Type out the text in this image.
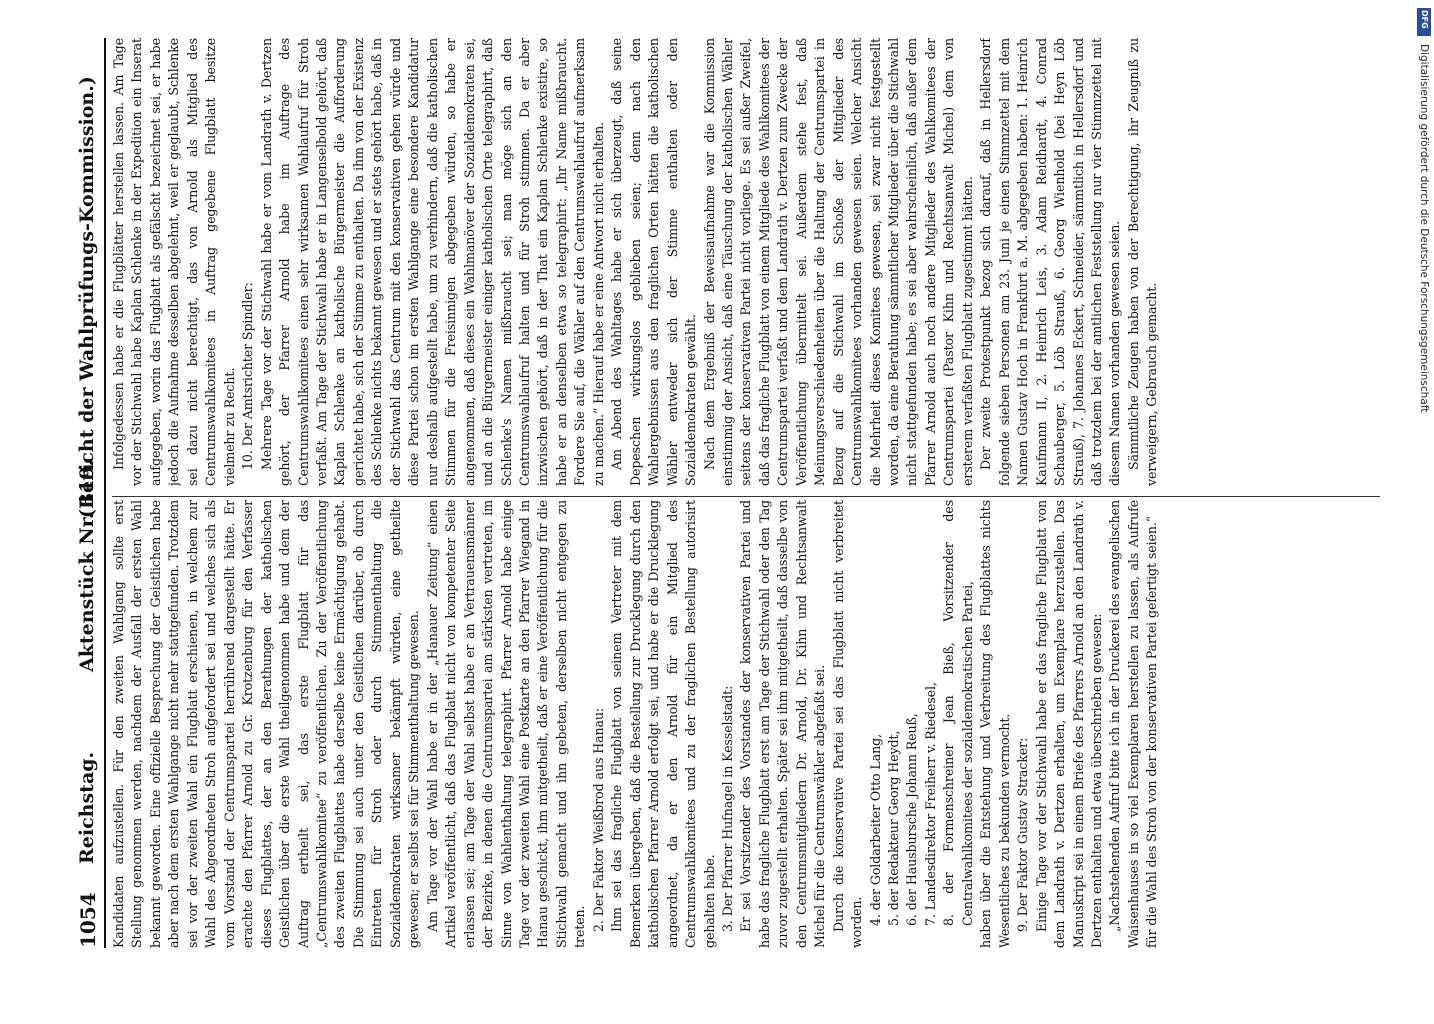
1054
Reichstag.
Aktenstück Nr. 119.
(Bericht der Wahlprüfungs-Kommission.)

Kandidaten aufzustellen. Für den zweiten Wahlgang sollte erst Stellung genommen werden, nachdem der Ausfall der ersten Wahl bekannt geworden. Eine offizielle Besprechung der Geistlichen habe aber nach dem ersten Wahlgange nicht mehr stattgefunden. Trotzdem sei vor der zweiten Wahl ein Flugblatt erschienen, in welchem zur Wahl des Abgeordneten Stroh aufgefordert sei und welches sich als vom Vorstand der Centrumspartei herrührend dargestellt hätte. Er erachte den Pfarrer Arnold zu Gr. Krotzenburg für den Verfasser dieses Flugblattes, der an den Berathungen der katholischen Geistlichen über die erste Wahl theilgenommen habe und dem der Auftrag ertheilt sei, das erste Flugblatt für das „Centrumswahlkomitee“ zu veröffentlichen. Zu der Veröffentlichung des zweiten Flugblattes habe derselbe keine Ermächtigung gehabt. Die Stimmung sei auch unter den Geistlichen darüber, ob durch Eintreten für Stroh oder durch Stimmenthaltung die Sozialdemokraten wirksamer bekämpft würden, eine getheilte gewesen; er selbst sei für Stimmenthaltung gewesen. Am Tage vor der Wahl habe er in der „Hanauer Zeitung“ einen Artikel veröffentlicht, daß das Flugblatt nicht von kompetenter Seite erlassen sei; am Tage der Wahl selbst habe er an Vertrauensmänner der Bezirke, in denen die Centrumspartei am stärksten vertreten, im Sinne von Wahlenthaltung telegraphirt. Pfarrer Arnold habe einige Tage vor der zweiten Wahl eine Postkarte an den Pfarrer Wiegand in Hanau geschickt, ihm mitgetheilt, daß er eine Veröffentlichung für die Stichwahl gemacht und ihn gebeten, derselben nicht entgegen zu treten. 2. Der Faktor Weißbrod aus Hanau: Ihm sei das fragliche Flugblatt von seinem Vertreter mit dem Bemerken übergeben, daß die Bestellung zur Drucklegung durch den katholischen Pfarrer Arnold erfolgt sei, und habe er die Drucklegung angeordnet, da er den Arnold für ein Mitglied des Centrumswahlkomitees und zu der fraglichen Bestellung autorisirt gehalten habe. 3. Der Pfarrer Hufnagel in Kesselstadt: Er sei Vorsitzender des Vorstandes der konservativen Partei und habe das fragliche Flugblatt erst am Tage der Stichwahl oder den Tag zuvor zugestellt erhalten. Später sei ihm mitgetheilt, daß dasselbe von den Centrumsmitgliedern Dr. Arnold, Dr. Kihn und Rechtsanwalt Michel für die Centrumswähler abgefaßt sei. Durch die konservative Partei sei das Flugblatt nicht verbreitet worden. 4. der Goldarbeiter Otto Lang, 5. der Redakteur Georg Heydt, 6. der Hausbursche Johann Reuß, 7. Landesdirektor Freiherr v. Riedesel, 8. der Formenschreiner Jean Bieß, Vorsitzender des Centralwahlkomitees der sozialdemokratischen Partei, haben über die Entstehung und Verbreitung des Flugblattes nichts Wesentliches zu bekunden vermocht. 9. Der Faktor Gustav Stracker: Einige Tage vor der Stichwahl habe er das fragliche Flugblatt von dem Landrath v. Dertzen erhalten, um Exemplare herzustellen. Das Manuskript sei in einem Briefe des Pfarrers Arnold an den Landrath v. Dertzen enthalten und etwa überschrieben gewesen: „Nachstehenden Aufruf bitte ich in der Druckerei des evangelischen Waisenhauses in so viel Exemplaren herstellen zu lassen, als Aufrufe für die Wahl des Stroh von der konservativen Partei gefertigt seien.“

Infolgedessen habe er die Flugblätter herstellen lassen. Am Tage vor der Stichwahl habe Kaplan Schlenke in der Expedition ein Inserat aufgegeben, worin das Flugblatt als gefälscht bezeichnet sei, er habe jedoch die Aufnahme desselben abgelehnt, weil er geglaubt, Schlenke sei dazu nicht berechtigt, das von Arnold als Mitglied des Centrumswahlkomitees in Auftrag gegebene Flugblatt besitze vielmehr zu Recht. 10. Der Amtsrichter Spindler: Mehrere Tage vor der Stichwahl habe er vom Landrath v. Dertzen gehört, der Pfarrer Arnold habe im Auftrage des Centrumswahlkomitees einen sehr wirksamen Wahlaufruf für Stroh verfaßt. Am Tage der Stichwahl habe er in Langenselbold gehört, daß Kaplan Schlenke an katholische Bürgermeister die Aufforderung gerichtet habe, sich der Stimme zu enthalten. Da ihm von der Existenz des Schlenke nichts bekannt gewesen und er stets gehört habe, daß in der Stichwahl das Centrum mit den konservativen gehen würde und diese Partei schon im ersten Wahlgange eine besondere Kandidatur nur deshalb aufgestellt habe, um zu verhindern, daß die katholischen Stimmen für die Freisinnigen abgegeben würden, so habe er angenommen, daß dieses ein Wahlmanöver der Sozialdemokraten sei, und an die Bürgermeister einiger katholischen Orte telegraphirt, daß Schlenke's Namen mißbraucht sei; man möge sich an den Centrumswahlaufruf halten und für Stroh stimmen. Da er aber inzwischen gehört, daß in der That ein Kaplan Schlenke existire, so habe er an denselben etwa so telegraphirt: „Ihr Name mißbraucht. Fordere Sie auf, die Wähler auf den Centrumswahlaufruf aufmerksam zu machen.“ Hierauf habe er eine Antwort nicht erhalten. Am Abend des Wahltages habe er sich überzeugt, daß seine Depeschen wirkungslos geblieben seien; denn nach den Wahlergebnissen aus den fraglichen Orten hätten die katholischen Wähler entweder sich der Stimme enthalten oder den Sozialdemokraten gewählt. Nach dem Ergebniß der Beweisaufnahme war die Kommission einstimmig der Ansicht, daß eine Täuschung der katholischen Wähler seitens der konservativen Partei nicht vorliege. Es sei außer Zweifel, daß das fragliche Flugblatt von einem Mitgliede des Wahlkomitees der Centrumspartei verfaßt und dem Landrath v. Dertzen zum Zwecke der Veröffentlichung übermittelt sei. Außerdem stehe fest, daß Meinungsverschiedenheiten über die Haltung der Centrumspartei in Bezug auf die Stichwahl im Schoße der Mitglieder des Centrumswahlkomitees vorhanden gewesen seien. Welcher Ansicht die Mehrheit dieses Komitees gewesen, sei zwar nicht festgestellt worden, da eine Berathung sämmtlicher Mitglieder über die Stichwahl nicht stattgefunden habe; es sei aber wahrscheinlich, daß außer dem Pfarrer Arnold auch noch andere Mitglieder des Wahlkomitees der Centrumspartei (Pastor Kihn und Rechtsanwalt Michel) dem von ersterem verfaßten Flugblatt zugestimmt hätten. Der zweite Protestpunkt bezog sich darauf, daß in Hellersdorf folgende sieben Personen am 23. Juni je einen Stimmzettel mit dem Namen Gustav Hoch in Frankfurt a. M. abgegeben haben: 1. Heinrich Kaufmann II, 2. Heinrich Leis, 3. Adam Reidhardt, 4. Conrad Schauberger, 5. Löb Strauß, 6. Georg Wienhold (bei Heyn Löb Strauß), 7. Johannes Eckert, Schneider, sämmtlich in Hellersdorf und daß trotzdem bei der amtlichen Feststellung nur vier Stimmzettel mit diesem Namen vorhanden gewesen seien. Sämmtliche Zeugen haben von der Berechtigung, ihr Zeugniß zu verweigern, Gebrauch gemacht.

DFG
Digitalisierung gefördert durch die Deutsche Forschungsgemeinschaft
